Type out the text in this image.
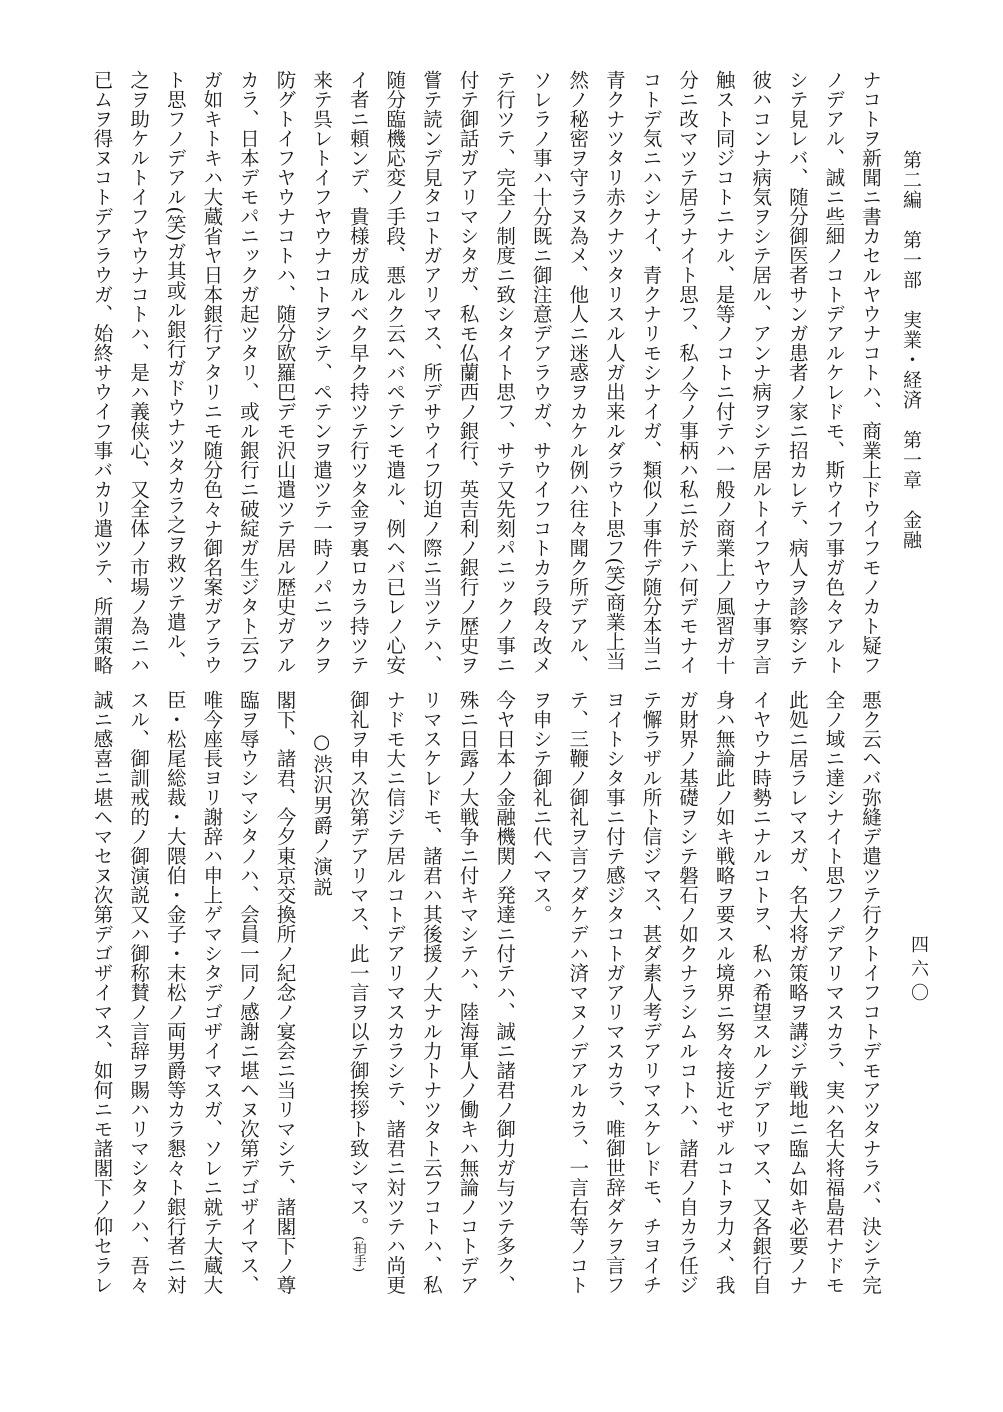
第二編　第一部　実業・経済　第一章　金融
ナコトヲ新聞ニ書カセルヤウナコトハ、商業上ドウイフモノカト疑フ
ノデアル、誠ニ些細ノコトデアルケレドモ、斯ウイフ事ガ色々アルト
シテ見レバ、随分御医者サンガ患者ノ家ニ招カレテ、病人ヲ診察シテ
彼ハコンナ病気ヲシテ居ル、アンナ病ヲシテ居ルトイフヤウナ事ヲ言
触スト同ジコトニナル、是等ノコトニ付テハ一般ノ商業上ノ風習ガ十
分ニ改マツテ居ラナイト思フ、私ノ今ノ事柄ハ私ニ於テハ何デモナイ
コトデ気ニハシナイ、青クナリモシナイガ、類似ノ事件デ随分本当ニ
青クナツタリ赤クナツタリスル人ガ出来ルダラウト思フ(笑)商業上当
然ノ秘密ヲ守ラヌ為メ、他人ニ迷惑ヲカケル例ハ往々聞ク所デアル、
ソレラノ事ハ十分既ニ御注意デアラウガ、サウイフコトカラ段々改メ
テ行ツテ、完全ノ制度ニ致シタイト思フ、サテ又先刻パニックノ事ニ
付テ御話ガアリマシタガ、私モ仏蘭西ノ銀行、英吉利ノ銀行ノ歴史ヲ
嘗テ読ンデ見タコトガアリマス、所デサウイフ切迫ノ際ニ当ツテハ、
随分臨機応変ノ手段、悪ルク云ヘバペテンモ遣ル、例ヘバ已レノ心安
イ者ニ頼ンデ、貴様ガ成ルベク早ク持ツテ行ツタ金ヲ裏ロカラ持ツテ
来テ呉レトイフヤウナコトヲシテ、ペテンヲ遣ツテ一時ノパニックヲ
防グトイフヤウナコトハ、随分欧羅巴デモ沢山遣ツテ居ル歴史ガアル
カラ、日本デモパニックガ起ツタリ、或ル銀行ニ破綻ガ生ジタト云フ
ガ如キトキハ大蔵省ヤ日本銀行アタリニモ随分色々ナ御名案ガアラウ
ト思フノデアル(笑)ガ其或ル銀行ガドウナツタカラ之ヲ救ツテ遣ル、
之ヲ助ケルトイフヤウナコトハ、是ハ義侠心、又全体ノ市場ノ為ニハ
已ムヲ得ヌコトデアラウガ、始終サウイフ事バカリ遣ツテ、所謂策略
四六〇
悪ク云ヘバ弥縫デ遣ツテ行クトイフコトデモアツタナラバ、決シテ完
全ノ域ニ達シナイト思フノデアリマスカラ、実ハ名大将福島君ナドモ
此処ニ居ラレマスガ、名大将ガ策略ヲ講ジテ戦地ニ臨ム如キ必要ノナ
イヤウナ時勢ニナルコトヲ、私ハ希望スルノデアリマス、又各銀行自
身ハ無論此ノ如キ戦略ヲ要スル境界ニ努々接近セザルコトヲ力メ、我
ガ財界ノ基礎ヲシテ磐石ノ如クナラシムルコトハ、諸君ノ自カラ任ジ
テ懈ラザル所ト信ジマス、甚ダ素人考デアリマスケレドモ、チヨイチ
ヨイトシタ事ニ付テ感ジタコトガアリマスカラ、唯御世辞ダケヲ言フ
テ、三鞭ノ御礼ヲ言フダケデハ済マヌノデアルカラ、一言右等ノコト
ヲ申シテ御礼ニ代ヘマス。
今ヤ日本ノ金融機関ノ発達ニ付テハ、誠ニ諸君ノ御力ガ与ツテ多ク、
殊ニ日露ノ大戦争ニ付キマシテハ、陸海軍人ノ働キハ無論ノコトデア
リマスケレドモ、諸君ハ其後援ノ大ナル力トナツタト云フコトハ、私
ナドモ大ニ信ジテ居ルコトデアリマスカラシテ、諸君ニ対ツテハ尚更
御礼ヲ申ス次第デアリマス、此一言ヲ以テ御挨拶ト致シマス。(拍手)
○渋沢男爵ノ演説
閣下、諸君、今夕東京交換所ノ紀念ノ宴会ニ当リマシテ、諸閣下ノ尊
臨ヲ辱ウシマシタノハ、会員一同ノ感謝ニ堪ヘヌ次第デゴザイマス、
唯今座長ヨリ謝辞ハ申上ゲマシタデゴザイマスガ、ソレニ就テ大蔵大
臣・松尾総裁・大隈伯・金子・末松ノ両男爵等カラ懇々ト銀行者ニ対
スル、御訓戒的ノ御演説又ハ御称賛ノ言辞ヲ賜ハリマシタノハ、吾々
誠ニ感喜ニ堪ヘマセヌ次第デゴザイマス、如何ニモ諸閣下ノ仰セラレ
